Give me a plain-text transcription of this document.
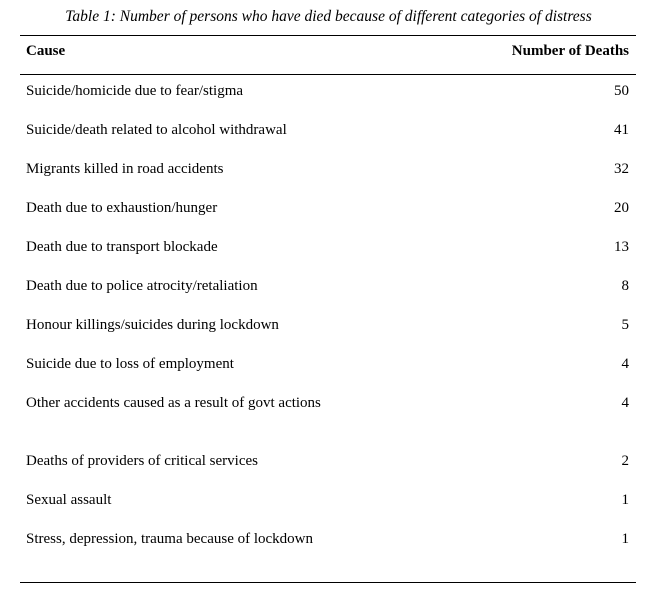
Table 1: Number of persons who have died because of different categories of distress
Cause	Number of Deaths
Suicide/homicide due to fear/stigma	50
Suicide/death related to alcohol withdrawal	41
Migrants killed in road accidents	32
Death due to exhaustion/hunger	20
Death due to transport blockade	13
Death due to police atrocity/retaliation	8
Honour killings/suicides during lockdown	5
Suicide due to loss of employment	4
Other accidents caused as a result of govt actions	4
Deaths of providers of critical services	2
Sexual assault	1
Stress, depression, trauma because of lockdown	1
